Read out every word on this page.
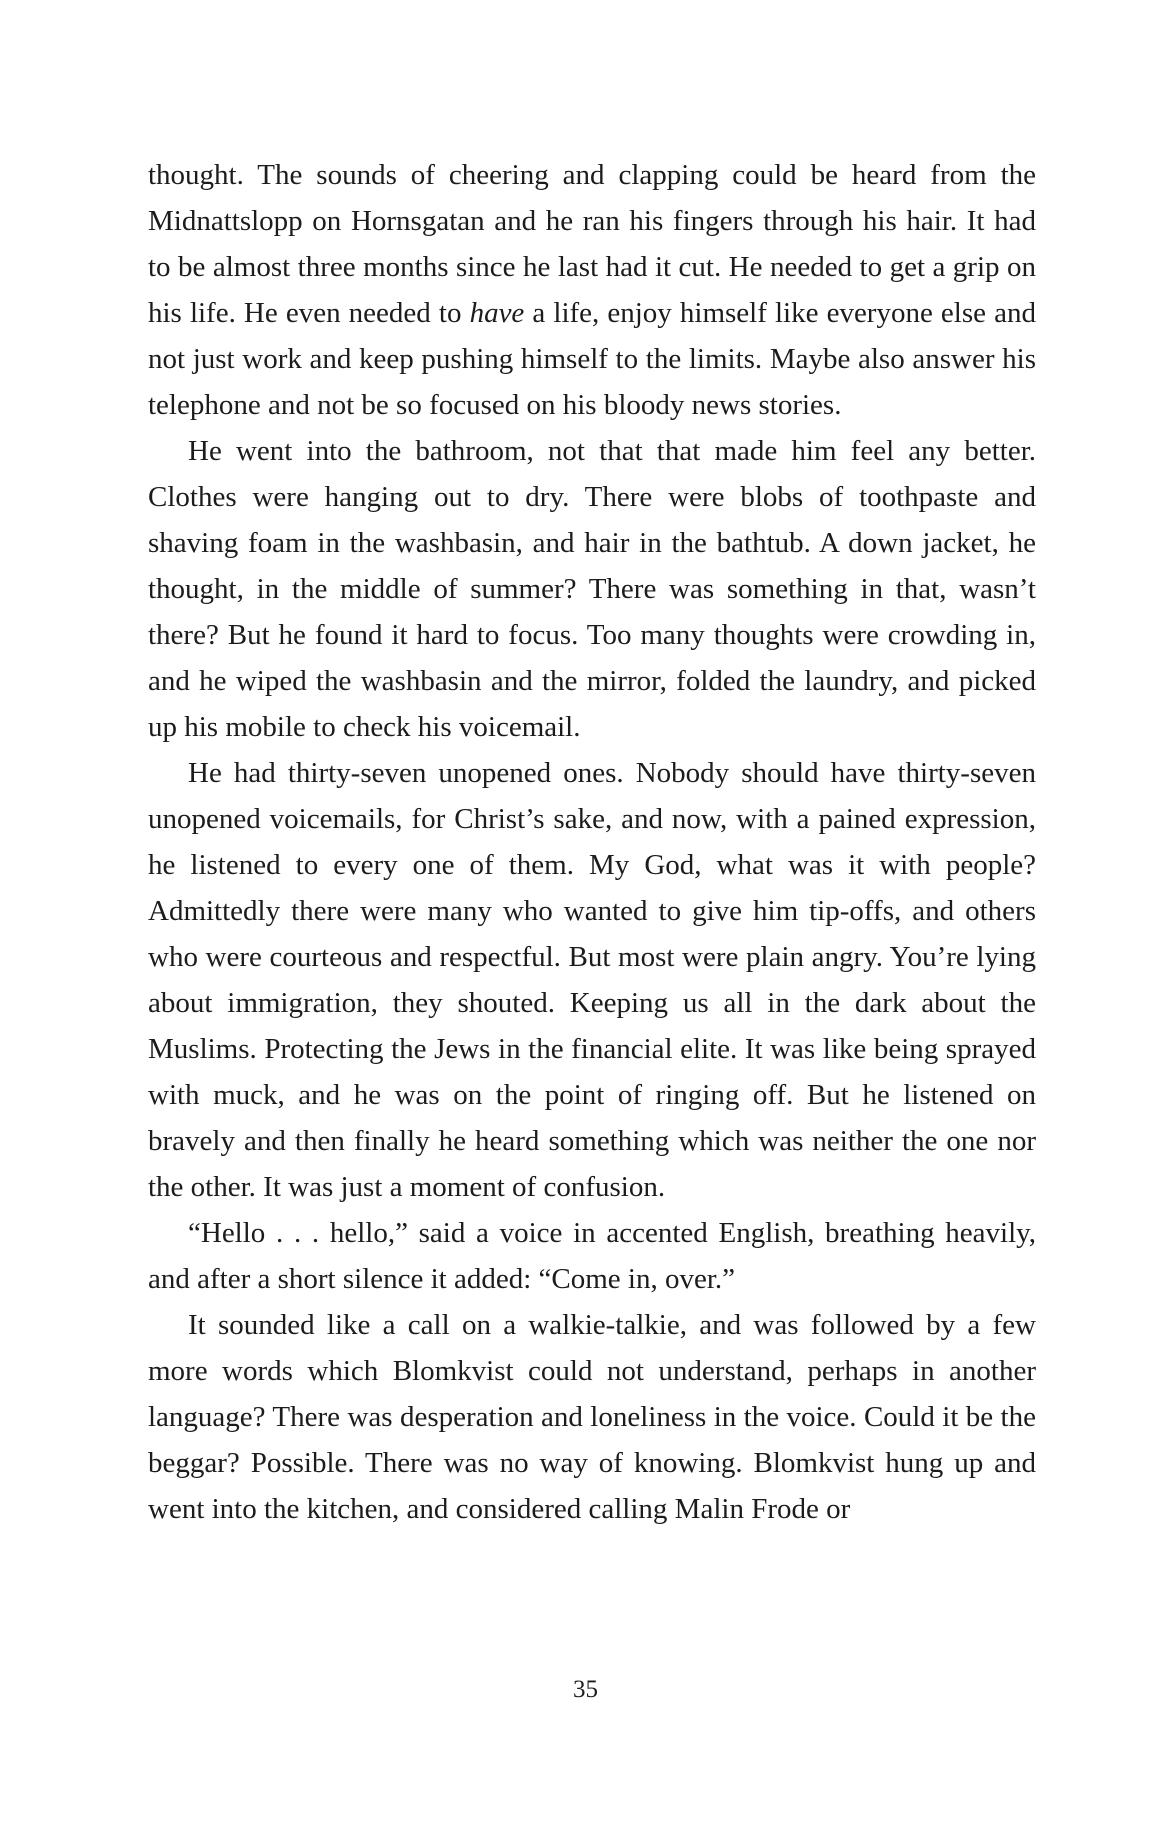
thought. The sounds of cheering and clapping could be heard from the Midnattslopp on Hornsgatan and he ran his fingers through his hair. It had to be almost three months since he last had it cut. He needed to get a grip on his life. He even needed to have a life, enjoy himself like everyone else and not just work and keep pushing himself to the limits. Maybe also answer his telephone and not be so focused on his bloody news stories.

He went into the bathroom, not that that made him feel any better. Clothes were hanging out to dry. There were blobs of toothpaste and shaving foam in the washbasin, and hair in the bathtub. A down jacket, he thought, in the middle of summer? There was something in that, wasn’t there? But he found it hard to focus. Too many thoughts were crowding in, and he wiped the washbasin and the mirror, folded the laundry, and picked up his mobile to check his voicemail.

He had thirty-seven unopened ones. Nobody should have thirty-seven unopened voicemails, for Christ’s sake, and now, with a pained expression, he listened to every one of them. My God, what was it with people? Admittedly there were many who wanted to give him tip-offs, and others who were courteous and respectful. But most were plain angry. You’re lying about immigration, they shouted. Keeping us all in the dark about the Muslims. Protecting the Jews in the financial elite. It was like being sprayed with muck, and he was on the point of ringing off. But he listened on bravely and then finally he heard something which was neither the one nor the other. It was just a moment of confusion.

“Hello . . . hello,” said a voice in accented English, breathing heavily, and after a short silence it added: “Come in, over.”

It sounded like a call on a walkie-talkie, and was followed by a few more words which Blomkvist could not understand, perhaps in another language? There was desperation and loneliness in the voice. Could it be the beggar? Possible. There was no way of knowing. Blomkvist hung up and went into the kitchen, and considered calling Malin Frode or

35
